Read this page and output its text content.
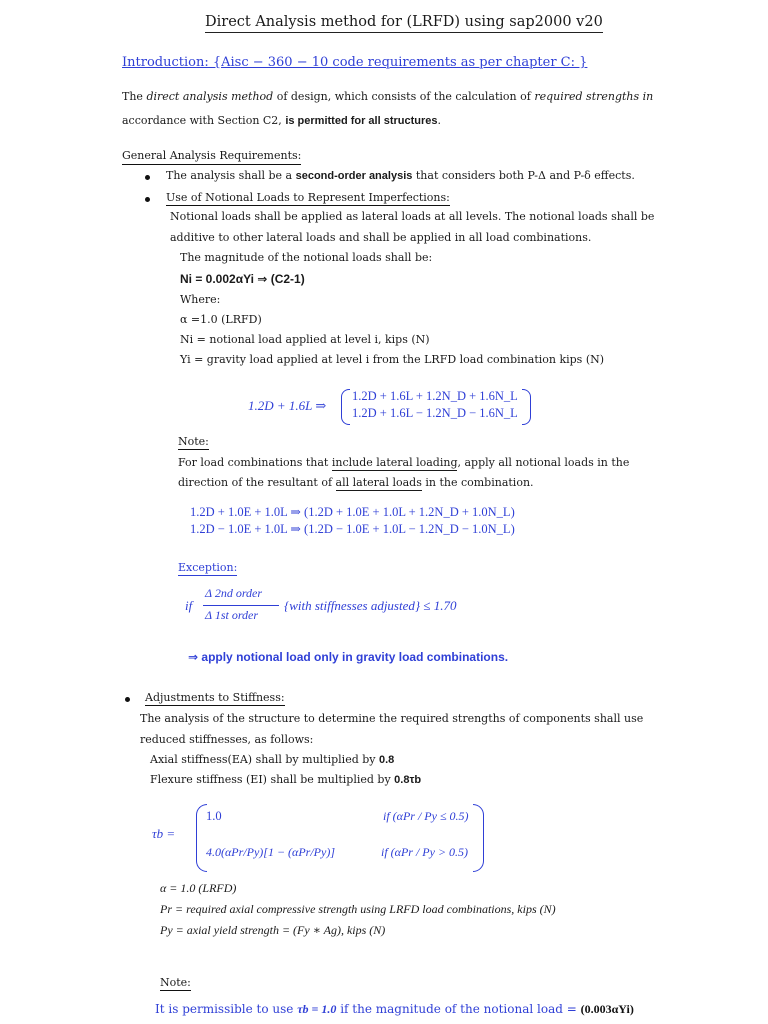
Direct Analysis method for (LRFD) using sap2000 v20
Introduction: {Aisc − 360 − 10 code requirements as per chapter C: }
The direct analysis method of design, which consists of the calculation of required strengths in
accordance with Section C2, is permitted for all structures.
General Analysis Requirements:
The analysis shall be a second-order analysis that considers both P-Δ and P-δ effects.
Use of Notional Loads to Represent Imperfections:
Notional loads shall be applied as lateral loads at all levels. The notional loads shall be
additive to other lateral loads and shall be applied in all load combinations.
The magnitude of the notional loads shall be:
Ni = 0.002αYi ⇒ (C2-1)
Where:
α =1.0 (LRFD)
Ni = notional load applied at level i, kips (N)
Yi = gravity load applied at level i from the LRFD load combination kips (N)
1.2D + 1.6L ⇒
1.2D + 1.6L + 1.2N_D + 1.6N_L
1.2D + 1.6L − 1.2N_D − 1.6N_L
Note:
For load combinations that include lateral loading, apply all notional loads in the
direction of the resultant of all lateral loads in the combination.
1.2D + 1.0E + 1.0L ⇒ (1.2D + 1.0E + 1.0L + 1.2N_D + 1.0N_L)
1.2D − 1.0E + 1.0L ⇒ (1.2D − 1.0E + 1.0L − 1.2N_D − 1.0N_L)
Exception:
if
Δ 2nd order
Δ 1st order
{with stiffnesses adjusted} ≤ 1.70
⇒ apply notional load only in gravity load combinations.
Adjustments to Stiffness:
The analysis of the structure to determine the required strengths of components shall use
reduced stiffnesses, as follows:
Axial stiffness(EA) shall by multiplied by 0.8
Flexure stiffness (EI) shall be multiplied by 0.8τb
τb =
1.0	if (αPr / Py ≤ 0.5)
4.0(αPr/Py)[1 − (αPr/Py)]	if (αPr / Py > 0.5)
α = 1.0 (LRFD)
Pr = required axial compressive strength using LRFD load combinations, kips (N)
Py = axial yield strength = (Fy ∗ Ag), kips (N)
Note:
It is permissible to use τb = 1.0 if the magnitude of the notional load = (0.003αYi)
